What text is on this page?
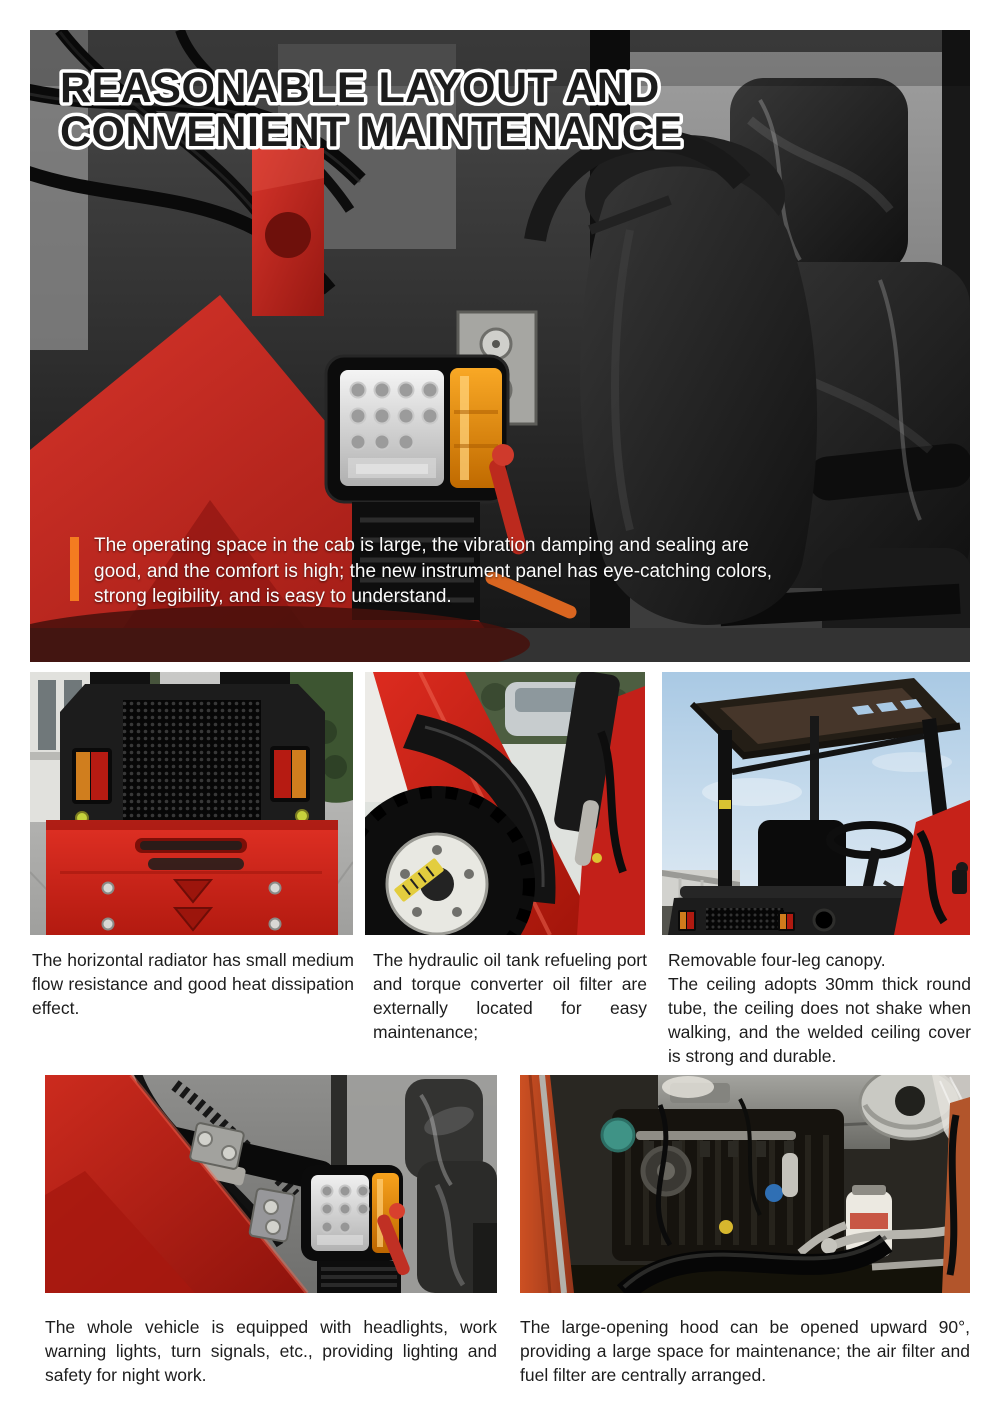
REASONABLE LAYOUT AND
CONVENIENT MAINTENANCE

The operating space in the cab is large, the vibration damping and sealing are good, and the comfort is high; the new instrument panel has eye-catching colors, strong legibility, and is easy to understand.

The horizontal radiator has small medium flow resistance and good heat dissipation effect.

The hydraulic oil tank refueling port and torque converter oil filter are externally located for easy maintenance;

Removable four-leg canopy.

The ceiling adopts 30mm thick round tube, the ceiling does not shake when walking, and the welded ceiling cover is strong and durable.

The whole vehicle is equipped with headlights, work warning lights, turn signals, etc., providing lighting and safety for night work.

The large-opening hood can be opened upward 90°, providing a large space for maintenance; the air filter and fuel filter are centrally arranged.
